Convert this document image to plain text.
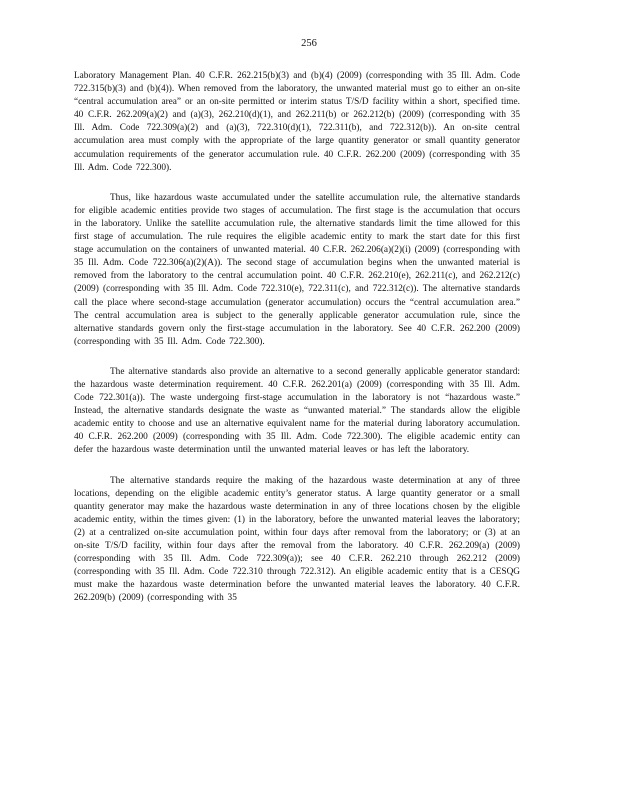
256

Laboratory Management Plan. 40 C.F.R. 262.215(b)(3) and (b)(4) (2009) (corresponding with 35 Ill. Adm. Code 722.315(b)(3) and (b)(4)). When removed from the laboratory, the unwanted material must go to either an on-site “central accumulation area” or an on-site permitted or interim status T/S/D facility within a short, specified time. 40 C.F.R. 262.209(a)(2) and (a)(3), 262.210(d)(1), and 262.211(b) or 262.212(b) (2009) (corresponding with 35 Ill. Adm. Code 722.309(a)(2) and (a)(3), 722.310(d)(1), 722.311(b), and 722.312(b)). An on-site central accumulation area must comply with the appropriate of the large quantity generator or small quantity generator accumulation requirements of the generator accumulation rule. 40 C.F.R. 262.200 (2009) (corresponding with 35 Ill. Adm. Code 722.300).

Thus, like hazardous waste accumulated under the satellite accumulation rule, the alternative standards for eligible academic entities provide two stages of accumulation. The first stage is the accumulation that occurs in the laboratory. Unlike the satellite accumulation rule, the alternative standards limit the time allowed for this first stage of accumulation. The rule requires the eligible academic entity to mark the start date for this first stage accumulation on the containers of unwanted material. 40 C.F.R. 262.206(a)(2)(i) (2009) (corresponding with 35 Ill. Adm. Code 722.306(a)(2)(A)). The second stage of accumulation begins when the unwanted material is removed from the laboratory to the central accumulation point. 40 C.F.R. 262.210(e), 262.211(c), and 262.212(c) (2009) (corresponding with 35 Ill. Adm. Code 722.310(e), 722.311(c), and 722.312(c)). The alternative standards call the place where second-stage accumulation (generator accumulation) occurs the “central accumulation area.” The central accumulation area is subject to the generally applicable generator accumulation rule, since the alternative standards govern only the first-stage accumulation in the laboratory. See 40 C.F.R. 262.200 (2009) (corresponding with 35 Ill. Adm. Code 722.300).

The alternative standards also provide an alternative to a second generally applicable generator standard: the hazardous waste determination requirement. 40 C.F.R. 262.201(a) (2009) (corresponding with 35 Ill. Adm. Code 722.301(a)). The waste undergoing first-stage accumulation in the laboratory is not “hazardous waste.” Instead, the alternative standards designate the waste as “unwanted material.” The standards allow the eligible academic entity to choose and use an alternative equivalent name for the material during laboratory accumulation. 40 C.F.R. 262.200 (2009) (corresponding with 35 Ill. Adm. Code 722.300). The eligible academic entity can defer the hazardous waste determination until the unwanted material leaves or has left the laboratory.

The alternative standards require the making of the hazardous waste determination at any of three locations, depending on the eligible academic entity’s generator status. A large quantity generator or a small quantity generator may make the hazardous waste determination in any of three locations chosen by the eligible academic entity, within the times given: (1) in the laboratory, before the unwanted material leaves the laboratory; (2) at a centralized on-site accumulation point, within four days after removal from the laboratory; or (3) at an on-site T/S/D facility, within four days after the removal from the laboratory. 40 C.F.R. 262.209(a) (2009) (corresponding with 35 Ill. Adm. Code 722.309(a)); see 40 C.F.R. 262.210 through 262.212 (2009) (corresponding with 35 Ill. Adm. Code 722.310 through 722.312). An eligible academic entity that is a CESQG must make the hazardous waste determination before the unwanted material leaves the laboratory. 40 C.F.R. 262.209(b) (2009) (corresponding with 35
